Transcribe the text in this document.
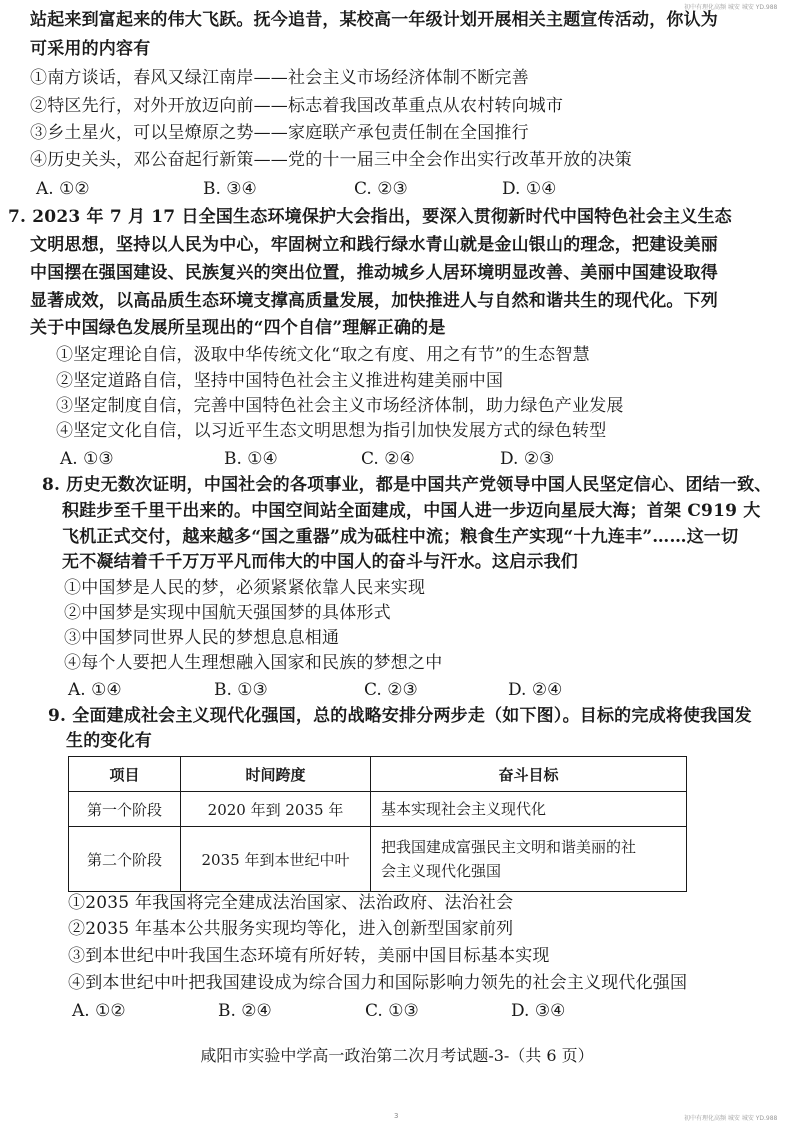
初中有理化高频 城安 城安 YD.988
站起来到富起来的伟大飞跃。抚今追昔，某校高一年级计划开展相关主题宣传活动，你认为
可采用的内容有
①南方谈话，春风又绿江南岸——社会主义市场经济体制不断完善
②特区先行，对外开放迈向前——标志着我国改革重点从农村转向城市
③乡土星火，可以呈燎原之势——家庭联产承包责任制在全国推行
④历史关头，邓公奋起行新策——党的十一届三中全会作出实行改革开放的决策
A. ①②	B. ③④	C. ②③	D. ①④
7. 2023 年 7 月 17 日全国生态环境保护大会指出，要深入贯彻新时代中国特色社会主义生态
文明思想，坚持以人民为中心，牢固树立和践行绿水青山就是金山银山的理念，把建设美丽
中国摆在强国建设、民族复兴的突出位置，推动城乡人居环境明显改善、美丽中国建设取得
显著成效，以高品质生态环境支撑高质量发展，加快推进人与自然和谐共生的现代化。下列
关于中国绿色发展所呈现出的“四个自信”理解正确的是
①坚定理论自信，汲取中华传统文化“取之有度、用之有节”的生态智慧
②坚定道路自信，坚持中国特色社会主义推进构建美丽中国
③坚定制度自信，完善中国特色社会主义市场经济体制，助力绿色产业发展
④坚定文化自信，以习近平生态文明思想为指引加快发展方式的绿色转型
A. ①③	B. ①④	C. ②④	D. ②③
8. 历史无数次证明，中国社会的各项事业，都是中国共产党领导中国人民坚定信心、团结一致、
积跬步至千里干出来的。中国空间站全面建成，中国人进一步迈向星辰大海；首架 C919 大
飞机正式交付，越来越多“国之重器”成为砥柱中流；粮食生产实现“十九连丰”……这一切
无不凝结着千千万万平凡而伟大的中国人的奋斗与汗水。这启示我们
①中国梦是人民的梦，必须紧紧依靠人民来实现
②中国梦是实现中国航天强国梦的具体形式
③中国梦同世界人民的梦想息息相通
④每个人要把人生理想融入国家和民族的梦想之中
A. ①④	B. ①③	C. ②③	D. ②④
9. 全面建成社会主义现代化强国，总的战略安排分两步走（如下图）。目标的完成将使我国发
生的变化有
项目	时间跨度	奋斗目标
第一个阶段	2020 年到 2035 年	基本实现社会主义现代化
第二个阶段	2035 年到本世纪中叶	把我国建成富强民主文明和谐美丽的社
会主义现代化强国
①2035 年我国将完全建成法治国家、法治政府、法治社会
②2035 年基本公共服务实现均等化，进入创新型国家前列
③到本世纪中叶我国生态环境有所好转，美丽中国目标基本实现
④到本世纪中叶把我国建设成为综合国力和国际影响力领先的社会主义现代化强国
A. ①②	B. ②④	C. ①③	D. ③④
咸阳市实验中学高一政治第二次月考试题-3-（共 6 页）
3	初中有理化高频 城安 城安 YD.988
